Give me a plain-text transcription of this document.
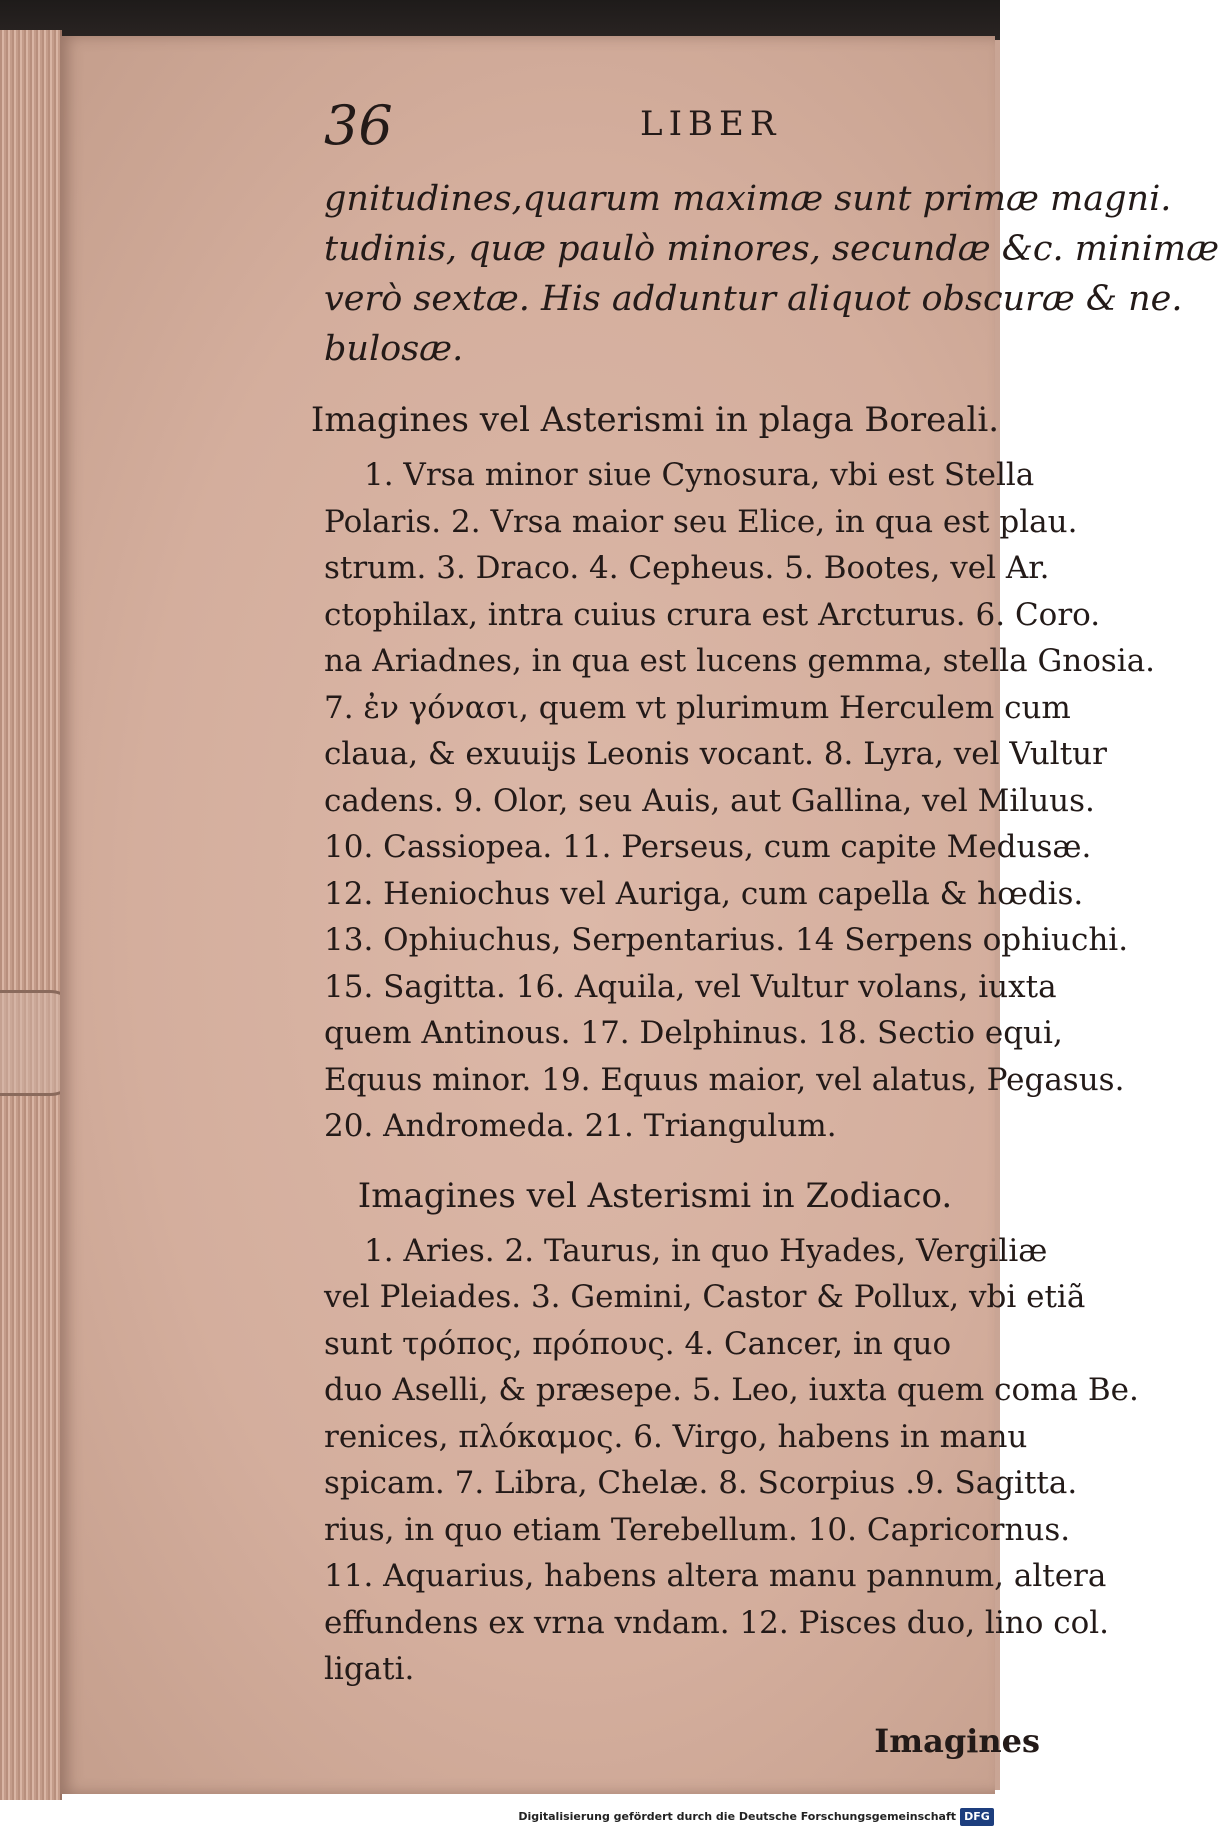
36	LIBER
gnitudines,quarum maximæ sunt primæ magni.
tudinis, quæ paulò minores, secundæ &c. minimæ
verò sextæ. His adduntur aliquot obscuræ & ne.
bulosæ.
Imagines vel Asterismi in plaga Boreali.
1. Vrsa minor siue Cynosura, vbi est Stella
Polaris. 2. Vrsa maior seu Elice, in qua est plau.
strum. 3. Draco. 4. Cepheus. 5. Bootes, vel Ar.
ctophilax, intra cuius crura est Arcturus. 6. Coro.
na Ariadnes, in qua est lucens gemma, stella Gnosia.
7. ἐν γόνασι, quem vt plurimum Herculem cum
claua, & exuuijs Leonis vocant. 8. Lyra, vel Vultur
cadens. 9. Olor, seu Auis, aut Gallina, vel Miluus.
10. Cassiopea. 11. Perseus, cum capite Medusæ.
12. Heniochus vel Auriga, cum capella & hœdis.
13. Ophiuchus, Serpentarius. 14 Serpens ophiuchi.
15. Sagitta. 16. Aquila, vel Vultur volans, iuxta
quem Antinous. 17. Delphinus. 18. Sectio equi,
Equus minor. 19. Equus maior, vel alatus, Pegasus.
20. Andromeda. 21. Triangulum.
Imagines vel Asterismi in Zodiaco.
1. Aries. 2. Taurus, in quo Hyades, Vergiliæ
vel Pleiades. 3. Gemini, Castor & Pollux, vbi etiã
sunt τρόπος, πρόπους. 4. Cancer, in quo
duo Aselli, & præsepe. 5. Leo, iuxta quem coma Be.
renices, πλόκαμος. 6. Virgo, habens in manu
spicam. 7. Libra, Chelæ. 8. Scorpius .9. Sagitta.
rius, in quo etiam Terebellum. 10. Capricornus.
11. Aquarius, habens altera manu pannum, altera
effundens ex vrna vndam. 12. Pisces duo, lino col.
ligati.
Imagines
Digitalisierung gefördert durch die Deutsche Forschungsgemeinschaft DFG
